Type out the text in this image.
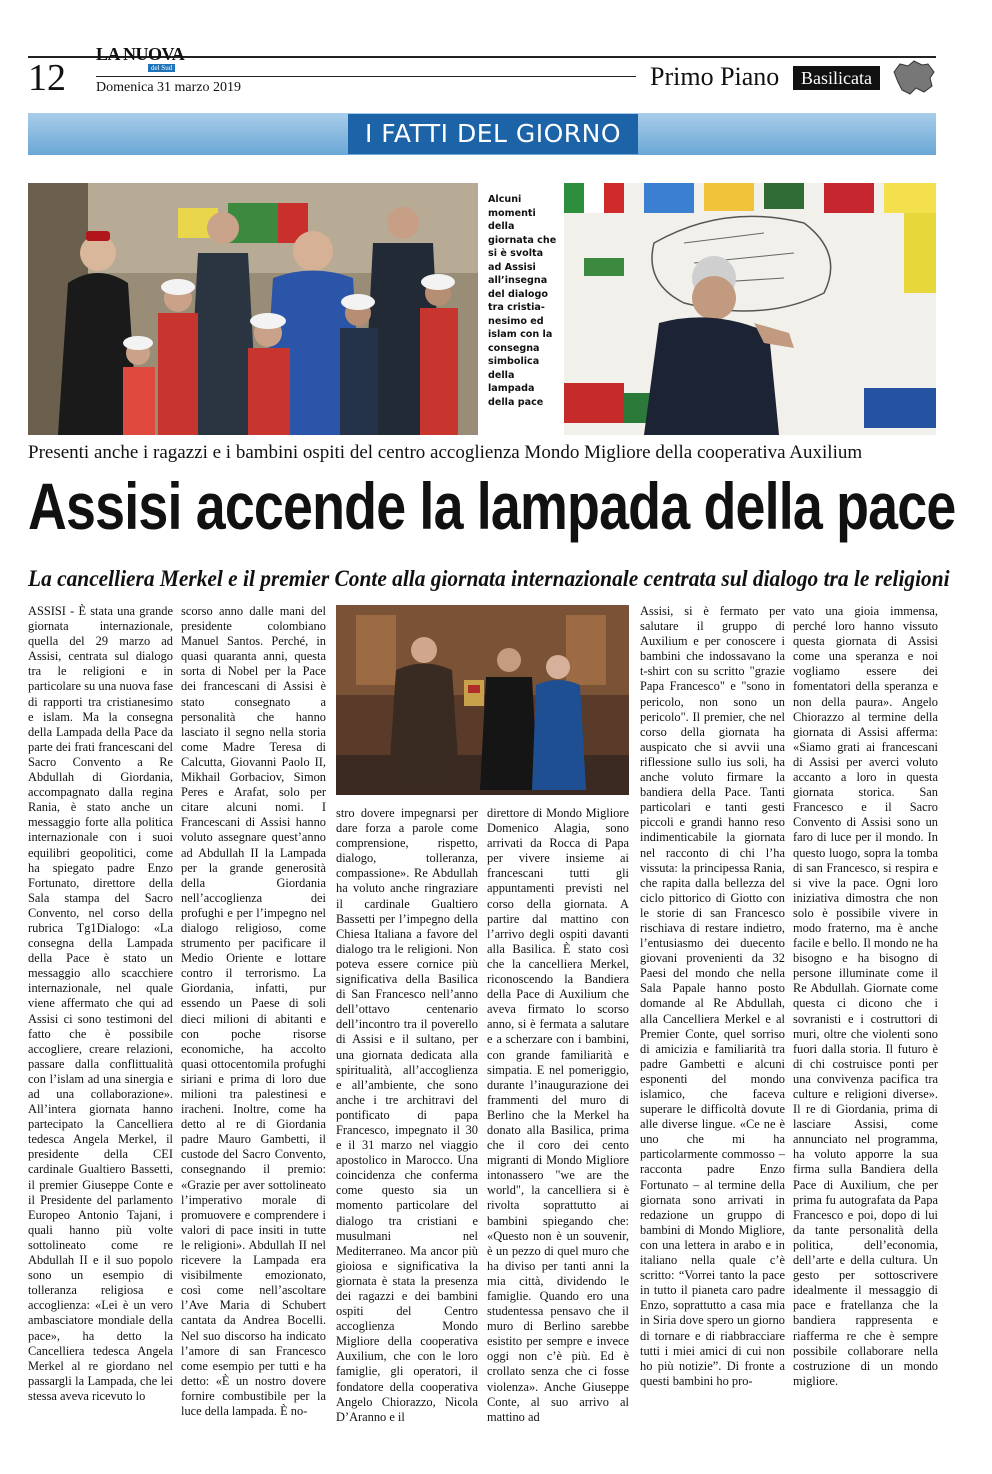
12
LA NUOVA
del Sud
Domenica 31 marzo 2019	Primo Piano	Basilicata
I FATTI DEL GIORNO
Alcuni momenti della giornata che si è svolta ad Assisi all’insegna del dialogo tra cristia-nesimo ed islam con la consegna simbolica della lampada della pace
Presenti anche i ragazzi e i bambini ospiti del centro accoglienza Mondo Migliore della cooperativa Auxilium
Assisi accende la lampada della pace
La cancelliera Merkel e il premier Conte alla giornata internazionale centrata sul dialogo tra le religioni
ASSISI - È stata una grande giornata internazionale, quella del 29 marzo ad Assisi, centrata sul dialogo tra le religioni e in particolare su una nuova fase di rapporti tra cristianesimo e islam. Ma la consegna della Lampada della Pace da parte dei frati francescani del Sacro Convento a Re Abdullah di Giordania, accompagnato dalla regina Rania, è stato anche un messaggio forte alla politica internazionale con i suoi equilibri geopolitici, come ha spiegato padre Enzo Fortunato, direttore della Sala stampa del Sacro Convento, nel corso della rubrica Tg1Dialogo: «La consegna della Lampada della Pace è stato un messaggio allo scacchiere internazionale, nel quale viene affermato che qui ad Assisi ci sono testimoni del fatto che è possibile accogliere, creare relazioni, passare dalla conflittualità con l’islam ad una sinergia e ad una collaborazione». All’intera giornata hanno partecipato la Cancelliera tedesca Angela Merkel, il presidente della CEI cardinale Gualtiero Bassetti, il premier Giuseppe Conte e il Presidente del parlamento Europeo Antonio Tajani, i quali hanno più volte sottolineato come re Abdullah II e il suo popolo sono un esempio di tolleranza religiosa e accoglienza: «Lei è un vero ambasciatore mondiale della pace», ha detto la Cancelliera tedesca Angela Merkel al re giordano nel passargli la Lampada, che lei stessa aveva ricevuto lo
scorso anno dalle mani del presidente colombiano Manuel Santos. Perché, in quasi quaranta anni, questa sorta di Nobel per la Pace dei francescani di Assisi è stato consegnato a personalità che hanno lasciato il segno nella storia come Madre Teresa di Calcutta, Giovanni Paolo II, Mikhail Gorbaciov, Simon Peres e Arafat, solo per citare alcuni nomi. I Francescani di Assisi hanno voluto assegnare quest’anno ad Abdullah II la Lampada per la grande generosità della Giordania nell’accoglienza dei profughi e per l’impegno nel dialogo religioso, come strumento per pacificare il Medio Oriente e lottare contro il terrorismo. La Giordania, infatti, pur essendo un Paese di soli dieci milioni di abitanti e con poche risorse economiche, ha accolto quasi ottocentomila profughi siriani e prima di loro due milioni tra palestinesi e iracheni. Inoltre, come ha detto al re di Giordania padre Mauro Gambetti, il custode del Sacro Convento, consegnando il premio: «Grazie per aver sottolineato l’imperativo morale di promuovere e comprendere i valori di pace insiti in tutte le religioni». Abdullah II nel ricevere la Lampada era visibilmente emozionato, così come nell’ascoltare l’Ave Maria di Schubert cantata da Andrea Bocelli. Nel suo discorso ha indicato l’amore di san Francesco come esempio per tutti e ha detto: «È un nostro dovere fornire combustibile per la luce della lampada. È no-
stro dovere impegnarsi per dare forza a parole come comprensione, rispetto, dialogo, tolleranza, compassione». Re Abdullah ha voluto anche ringraziare il cardinale Gualtiero Bassetti per l’impegno della Chiesa Italiana a favore del dialogo tra le religioni. Non poteva essere cornice più significativa della Basilica di San Francesco nell’anno dell’ottavo centenario dell’incontro tra il poverello di Assisi e il sultano, per una giornata dedicata alla spiritualità, all’accoglienza e all’ambiente, che sono anche i tre architravi del pontificato di papa Francesco, impegnato il 30 e il 31 marzo nel viaggio apostolico in Marocco. Una coincidenza che conferma come questo sia un momento particolare del dialogo tra cristiani e musulmani nel Mediterraneo. Ma ancor più gioiosa e significativa la giornata è stata la presenza dei ragazzi e dei bambini ospiti del Centro accoglienza Mondo Migliore della cooperativa Auxilium, che con le loro famiglie, gli operatori, il fondatore della cooperativa Angelo Chiorazzo, Nicola D’Aranno e il
direttore di Mondo Migliore Domenico Alagia, sono arrivati da Rocca di Papa per vivere insieme ai francescani tutti gli appuntamenti previsti nel corso della giornata. A partire dal mattino con l’arrivo degli ospiti davanti alla Basilica. È stato così che la cancelliera Merkel, riconoscendo la Bandiera della Pace di Auxilium che aveva firmato lo scorso anno, si è fermata a salutare e a scherzare con i bambini, con grande familiarità e simpatia. E nel pomeriggio, durante l’inaugurazione dei frammenti del muro di Berlino che la Merkel ha donato alla Basilica, prima che il coro dei cento migranti di Mondo Migliore intonassero "we are the world", la cancelliera si è rivolta soprattutto ai bambini spiegando che: «Questo non è un souvenir, è un pezzo di quel muro che ha diviso per tanti anni la mia città, dividendo le famiglie. Quando ero una studentessa pensavo che il muro di Berlino sarebbe esistito per sempre e invece oggi non c’è più. Ed è crollato senza che ci fosse violenza». Anche Giuseppe Conte, al suo arrivo al mattino ad
Assisi, si è fermato per salutare il gruppo di Auxilium e per conoscere i bambini che indossavano la t-shirt con su scritto "grazie Papa Francesco" e "sono in pericolo, non sono un pericolo". Il premier, che nel corso della giornata ha auspicato che si avvii una riflessione sullo ius soli, ha anche voluto firmare la bandiera della Pace. Tanti particolari e tanti gesti piccoli e grandi hanno reso indimenticabile la giornata nel racconto di chi l’ha vissuta: la principessa Rania, che rapita dalla bellezza del ciclo pittorico di Giotto con le storie di san Francesco rischiava di restare indietro, l’entusiasmo dei duecento giovani provenienti da 32 Paesi del mondo che nella Sala Papale hanno posto domande al Re Abdullah, alla Cancelliera Merkel e al Premier Conte, quel sorriso di amicizia e familiarità tra padre Gambetti e alcuni esponenti del mondo islamico, che faceva superare le difficoltà dovute alle diverse lingue. «Ce ne è uno che mi ha particolarmente commosso – racconta padre Enzo Fortunato – al termine della giornata sono arrivati in redazione un gruppo di bambini di Mondo Migliore, con una lettera in arabo e in italiano nella quale c’è scritto: “Vorrei tanto la pace in tutto il pianeta caro padre Enzo, soprattutto a casa mia in Siria dove spero un giorno di tornare e di riabbracciare tutti i miei amici di cui non ho più notizie”. Di fronte a questi bambini ho pro-
vato una gioia immensa, perché loro hanno vissuto questa giornata di Assisi come una speranza e noi vogliamo essere dei fomentatori della speranza e non della paura». Angelo Chiorazzo al termine della giornata di Assisi afferma: «Siamo grati ai francescani di Assisi per averci voluto accanto a loro in questa giornata storica. San Francesco e il Sacro Convento di Assisi sono un faro di luce per il mondo. In questo luogo, sopra la tomba di san Francesco, si respira e si vive la pace. Ogni loro iniziativa dimostra che non solo è possibile vivere in modo fraterno, ma è anche facile e bello. Il mondo ne ha bisogno e ha bisogno di persone illuminate come il Re Abdullah. Giornate come questa ci dicono che i sovranisti e i costruttori di muri, oltre che violenti sono fuori dalla storia. Il futuro è di chi costruisce ponti per una convivenza pacifica tra culture e religioni diverse». Il re di Giordania, prima di lasciare Assisi, come annunciato nel programma, ha voluto apporre la sua firma sulla Bandiera della Pace di Auxilium, che per prima fu autografata da Papa Francesco e poi, dopo di lui da tante personalità della politica, dell’economia, dell’arte e della cultura. Un gesto per sottoscrivere idealmente il messaggio di pace e fratellanza che la bandiera rappresenta e riafferma re che è sempre possibile collaborare nella costruzione di un mondo migliore.
